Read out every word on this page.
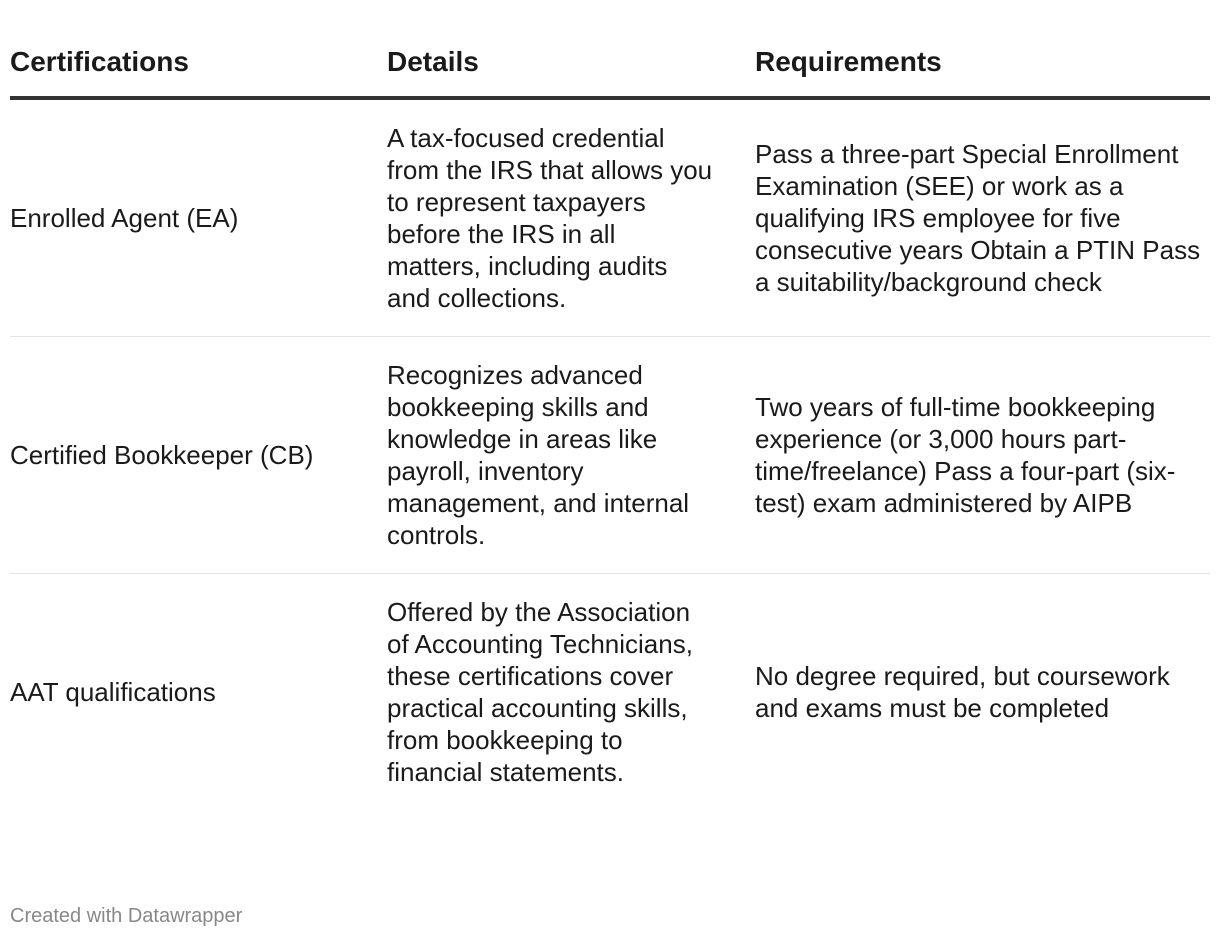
Certifications	Details	Requirements
Enrolled Agent (EA)	A tax-focused credential from the IRS that allows you to represent taxpayers before the IRS in all matters, including audits and collections.	Pass a three-part Special Enrollment Examination (SEE) or work as a qualifying IRS employee for five consecutive years Obtain a PTIN Pass a suitability/background check
Certified Bookkeeper (CB)	Recognizes advanced bookkeeping skills and knowledge in areas like payroll, inventory management, and internal controls.	Two years of full-time bookkeeping experience (or 3,000 hours part-time/freelance) Pass a four-part (six-test) exam administered by AIPB
AAT qualifications	Offered by the Association of Accounting Technicians, these certifications cover practical accounting skills, from bookkeeping to financial statements.	No degree required, but coursework and exams must be completed
Created with Datawrapper
